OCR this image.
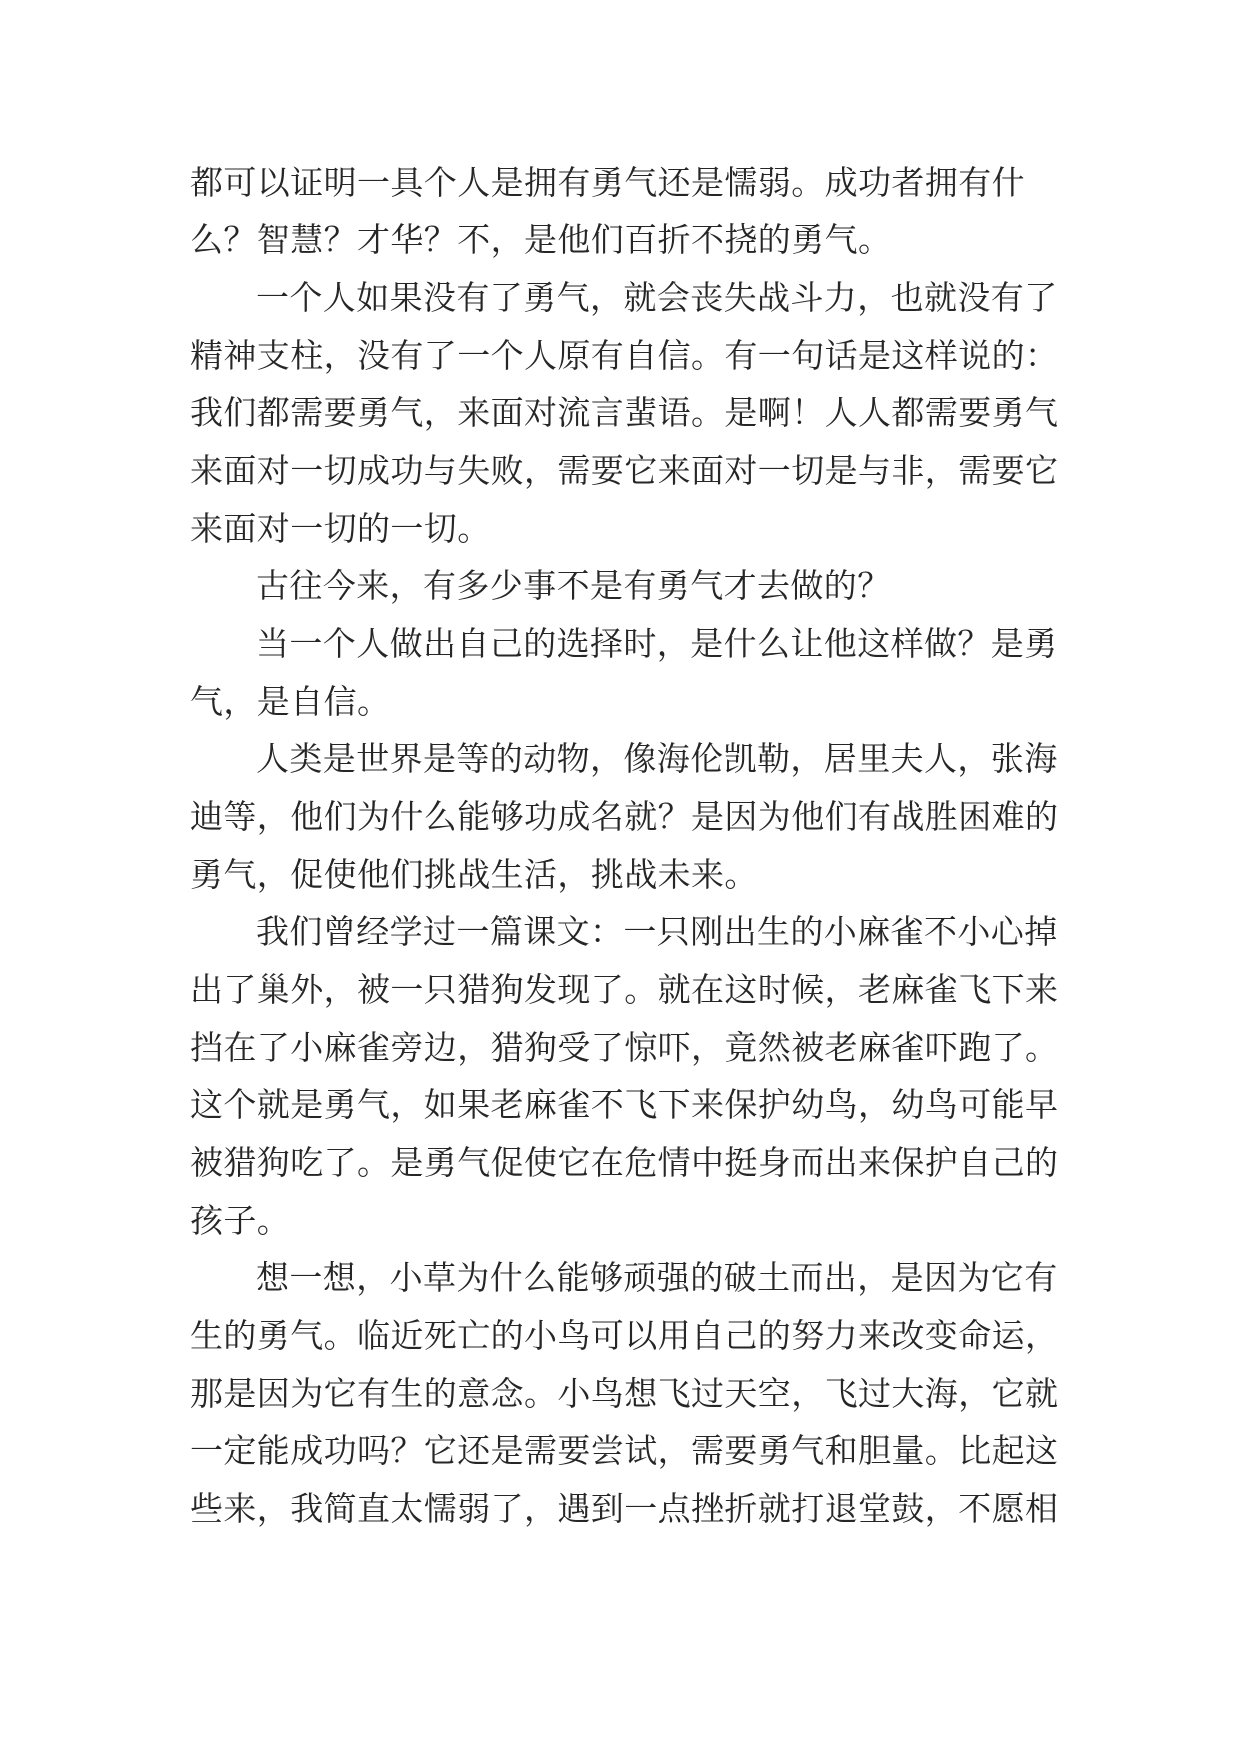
都可以证明一具个人是拥有勇气还是懦弱。成功者拥有什
么？智慧？才华？不，是他们百折不挠的勇气。
一个人如果没有了勇气，就会丧失战斗力，也就没有了
精神支柱，没有了一个人原有自信。有一句话是这样说的：
我们都需要勇气，来面对流言蜚语。是啊！人人都需要勇气
来面对一切成功与失败，需要它来面对一切是与非，需要它
来面对一切的一切。
古往今来，有多少事不是有勇气才去做的？
当一个人做出自己的选择时，是什么让他这样做？是勇
气，是自信。
人类是世界是等的动物，像海伦凯勒，居里夫人，张海
迪等，他们为什么能够功成名就？是因为他们有战胜困难的
勇气，促使他们挑战生活，挑战未来。
我们曾经学过一篇课文：一只刚出生的小麻雀不小心掉
出了巢外，被一只猎狗发现了。就在这时候，老麻雀飞下来
挡在了小麻雀旁边，猎狗受了惊吓，竟然被老麻雀吓跑了。
这个就是勇气，如果老麻雀不飞下来保护幼鸟，幼鸟可能早
被猎狗吃了。是勇气促使它在危情中挺身而出来保护自己的
孩子。
想一想，小草为什么能够顽强的破土而出，是因为它有
生的勇气。临近死亡的小鸟可以用自己的努力来改变命运，
那是因为它有生的意念。小鸟想飞过天空，飞过大海，它就
一定能成功吗？它还是需要尝试，需要勇气和胆量。比起这
些来，我简直太懦弱了，遇到一点挫折就打退堂鼓，不愿相
